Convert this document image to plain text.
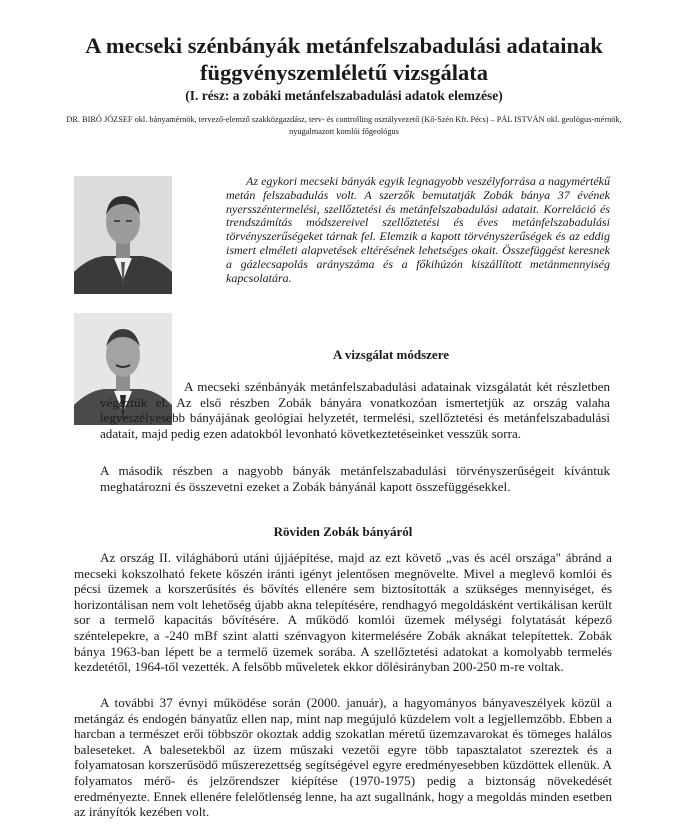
A mecseki szénbányák metánfelszabadulási adatainak függvényszemléletű vizsgálata
(I. rész: a zobáki metánfelszabadulási adatok elemzése)
DR. BIRÓ JÓZSEF okl. bányamérnök, tervező-elemző szakközgazdász, terv- és controlling osztályvezető (Kő-Szén Kft. Pécs) – PÁL ISTVÁN okl. geológus-mérnök, nyugalmazott komlói főgeológus

Az egykori mecseki bányák egyik legnagyobb veszélyforrása a nagymértékű metán felszabadulás volt. A szerzők bemutatják Zobák bánya 37 évének nyersszéntermelési, szellőztetési és metánfelszabadulási adatait. Korreláció és trendszámítás módszereivel szellőztetési és éves metánfelszabadulási törvényszerűségeket tárnak fel. Elemzik a kapott törvényszerűségek és az eddig ismert elméleti alapvetések eltérésének lehetséges okait. Összefüggést keresnek a gázlecsapolás arányszáma és a főkihúzón kiszállított metánmennyiség kapcsolatára.

A vizsgálat módszere

A mecseki szénbányák metánfelszabadulási adatainak vizsgálatát két részletben végeztük el. Az első részben Zobák bányára vonatkozóan ismertetjük az ország valaha legveszélyesebb bányájának geológiai helyzetét, termelési, szellőztetési és metánfelszabadulási adatait, majd pedig ezen adatokból levonható következtetéseinket vesszük sorra.

A második részben a nagyobb bányák metánfelszabadulási törvényszerűségeit kívántuk meghatározni és összevetni ezeket a Zobák bányánál kapott összefüggésekkel.

Röviden Zobák bányáról

Az ország II. világháború utáni újjáépítése, majd az ezt követő „vas és acél országa" ábránd a mecseki kokszolható fekete kőszén iránti igényt jelentősen megnövelte. Mivel a meglevő komlói és pécsi üzemek a korszerűsítés és bővítés ellenére sem biztosították a szükséges mennyiséget, és horizontálisan nem volt lehetőség újabb akna telepítésére, rendhagyó megoldásként vertikálisan került sor a termelő kapacitás bővítésére. A működő komlói üzemek mélységi folytatását képező széntelepekre, a -240 mBf szint alatti szénvagyon kitermelésére Zobák aknákat telepítettek. Zobák bánya 1963-ban lépett be a termelő üzemek sorába. A szellőztetési adatokat a komolyabb termelés kezdetétől, 1964-től vezették. A felsőbb műveletek ekkor dőlésirányban 200-250 m-re voltak.

A további 37 évnyi működése során (2000. január), a hagyományos bányaveszélyek közül a metángáz és endogén bányatűz ellen nap, mint nap megújuló küzdelem volt a legjellemzőbb. Ebben a harcban a természet erői többször okoztak addig szokatlan méretű üzemzavarokat és tömeges halálos baleseteket. A balesetekből az üzem műszaki vezetői egyre több tapasztalatot szereztek és a folyamatosan korszerűsödő műszerezettség segítségével egyre eredményesebben küzdöttek ellenük. A folyamatos mérő- és jelzőrendszer kiépítése (1970-1975) pedig a biztonság növekedését eredményezte. Ennek ellenére felelőtlenség lenne, ha azt sugallnánk, hogy a megoldás minden esetben az irányítók kezében volt.
